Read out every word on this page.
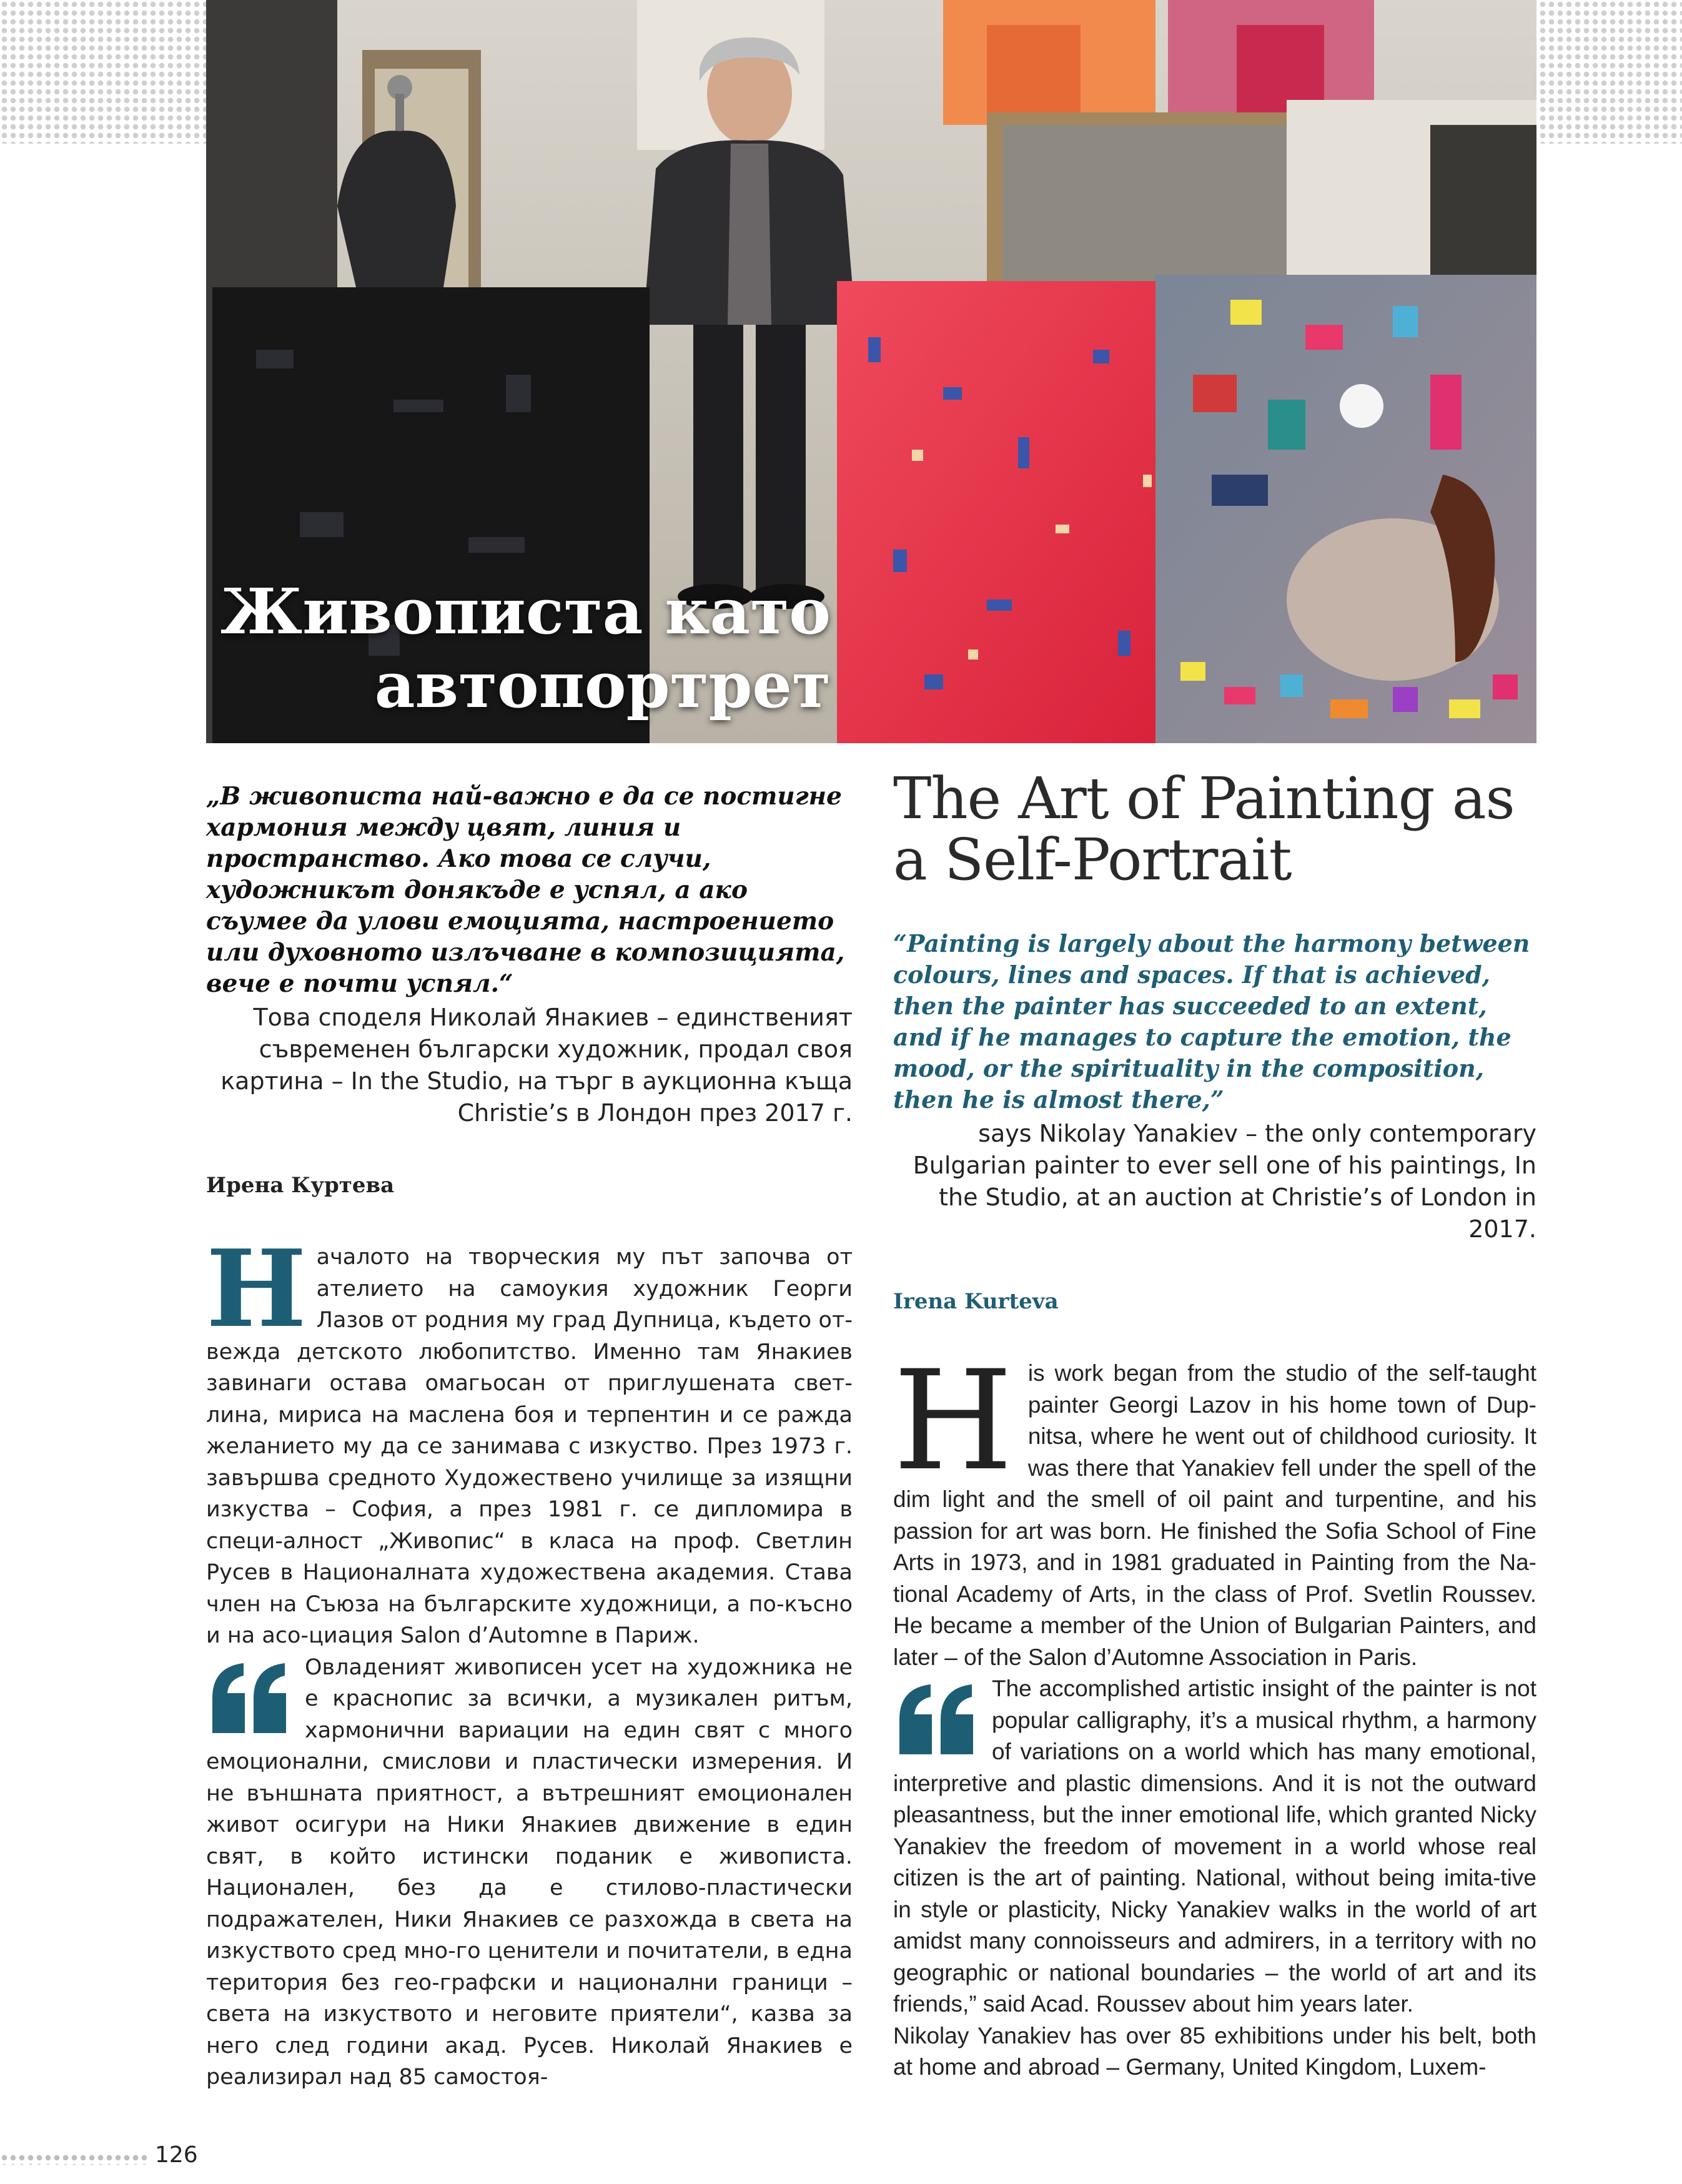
Живописта като
автопортрет

„В живописта най-важно е да се постигне хармония между цвят, линия и пространство. Ако това се случи, художникът донякъде е успял, а ако съумее да улови емоцията, настроението или духовното излъчване в композицията, вече е почти успял.“

Това споделя Николай Янакиев – единственият съвременен български художник, продал своя картина – In the Studio, на търг в аукционна къща Christie’s в Лондон през 2017 г.

Ирена Куртева

Н ачалото на творческия му път започва от ателието на самоукия художник Георги Лазов от родния му град Дупница, където от-вежда детското любопитство. Именно там Янакиев завинаги остава омагьосан от приглушената свет-лина, мириса на маслена боя и терпентин и се ражда желанието му да се занимава с изкуство. През 1973 г. завършва средното Художествено училище за изящни изкуства – София, а през 1981 г. се дипломира в специ-алност „Живопис“ в класа на проф. Светлин Русев в Националната художествена академия. Става член на Съюза на българските художници, а по-късно и на асо-циация Salon d’Automne в Париж.

Овладеният живописен усет на художника не е краснопис за всички, а музикален ритъм, хармонични вариации на един свят с много емоционални, смислови и пластически измерения. И не външната приятност, а вътрешният емоционален живот осигури на Ники Янакиев движение в един свят, в който истински поданик е живописта. Национален, без да е стилово-пластически подражателен, Ники Янакиев се разхожда в света на изкуството сред мно-го ценители и почитатели, в една територия без гео-графски и национални граници – света на изкуството и неговите приятели“, казва за него след години акад. Русев. Николай Янакиев е реализирал над 85 самостоя-

The Art of Painting as a Self-Portrait

“Painting is largely about the harmony between colours, lines and spaces. If that is achieved, then the painter has succeeded to an extent, and if he manages to capture the emotion, the mood, or the spirituality in the composition, then he is almost there,”

says Nikolay Yanakiev – the only contemporary Bulgarian painter to ever sell one of his paintings, In the Studio, at an auction at Christie’s of London in 2017.

Irena Kurteva

H is work began from the studio of the self-taught painter Georgi Lazov in his home town of Dup-nitsa, where he went out of childhood curiosity. It was there that Yanakiev fell under the spell of the dim light and the smell of oil paint and turpentine, and his passion for art was born. He finished the Sofia School of Fine Arts in 1973, and in 1981 graduated in Painting from the Na-tional Academy of Arts, in the class of Prof. Svetlin Roussev. He became a member of the Union of Bulgarian Painters, and later – of the Salon d’Automne Association in Paris.

The accomplished artistic insight of the painter is not popular calligraphy, it’s a musical rhythm, a harmony of variations on a world which has many emotional, interpretive and plastic dimensions. And it is not the outward pleasantness, but the inner emotional life, which granted Nicky Yanakiev the freedom of movement in a world whose real citizen is the art of painting. National, without being imita-tive in style or plasticity, Nicky Yanakiev walks in the world of art amidst many connoisseurs and admirers, in a territory with no geographic or national boundaries – the world of art and its friends,” said Acad. Roussev about him years later.

Nikolay Yanakiev has over 85 exhibitions under his belt, both at home and abroad – Germany, United Kingdom, Luxem-

126
